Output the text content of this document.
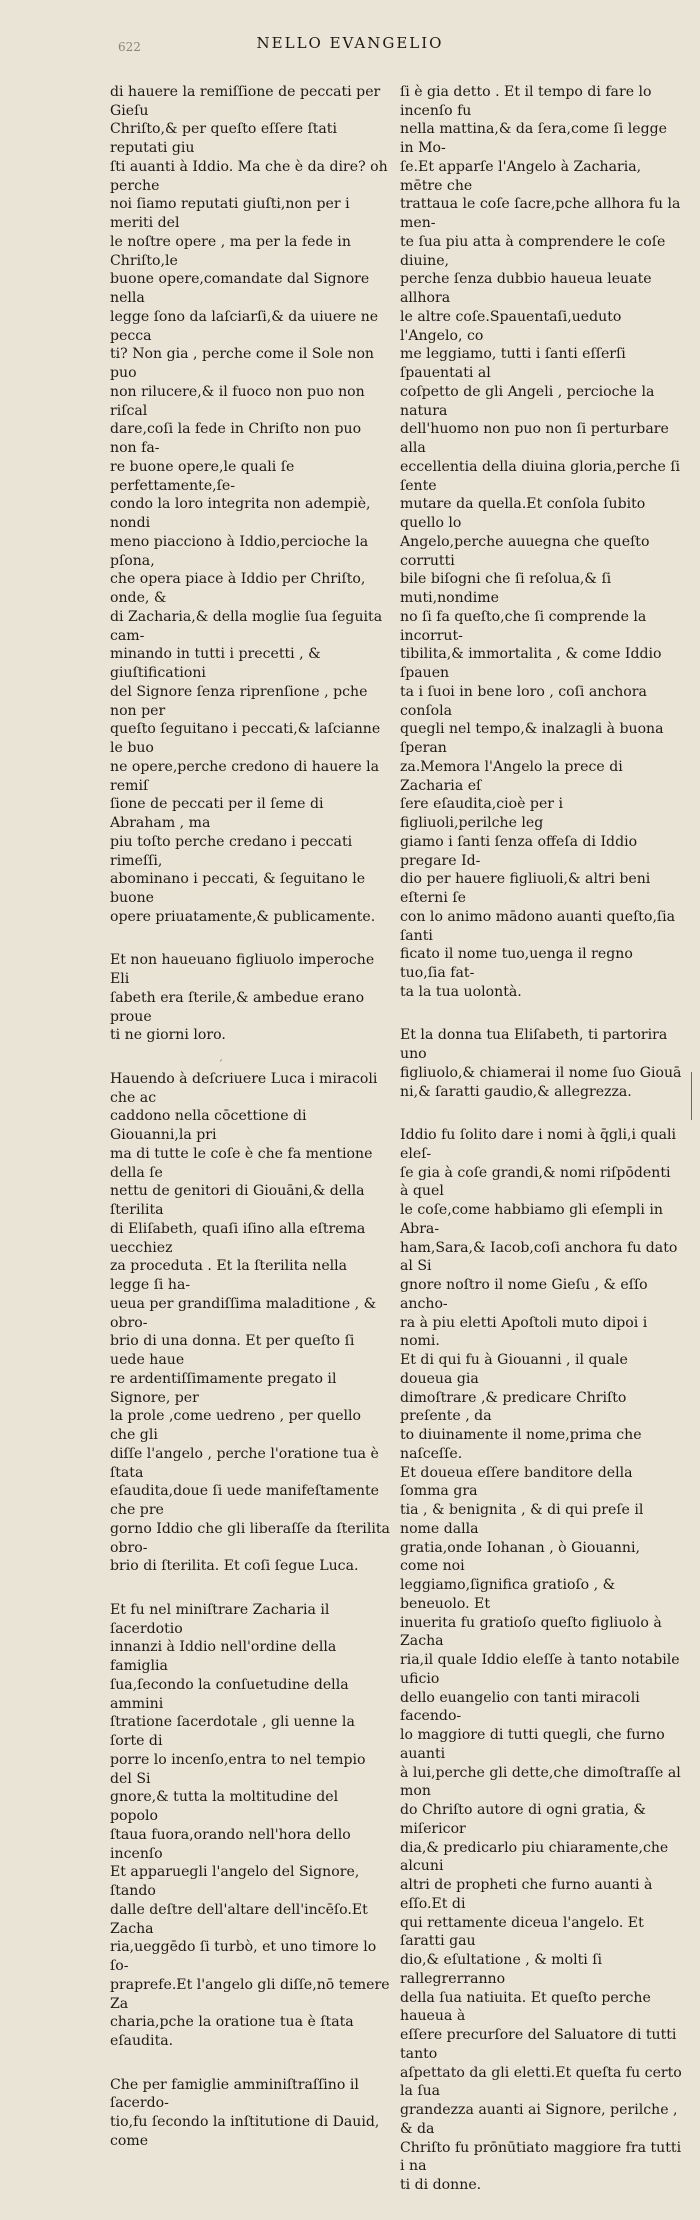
622	NELLO EVANGELIO

di hauere la remiſſione de peccati per Gieſu
Chriſto,& per queſto eſſere ſtati reputati giu
ſti auanti à Iddio. Ma che è da dire? oh perche
noi ſiamo reputati giuſti,non per i meriti del
le noſtre opere , ma per la fede in Chriſto,le
buone opere,comandate dal Signore nella
legge ſono da laſciarſi,& da uiuere ne pecca
ti? Non gia , perche come il Sole non puo
non rilucere,& il fuoco non puo non riſcal
dare,coſi la fede in Chriſto non puo non fa‑
re buone opere,le quali ſe perfettamente,ſe‑
condo la loro integrita non adempiè, nondi
meno piacciono à Iddio,percioche la pſona,
che opera piace à Iddio per Chriſto, onde, &
di Zacharia,& della moglie ſua ſeguita cam‑
minando in tutti i precetti , & giuſtificationi
del Signore ſenza riprenſione , pche non per
queſto ſeguitano i peccati,& laſcianne le buo
ne opere,perche credono di hauere la remiſ
ſione de peccati per il ſeme di Abraham , ma
piu toſto perche credano i peccati rimeſſi,
abominano i peccati, & ſeguitano le buone
opere priuatamente,& publicamente.

Et non haueuano figliuolo imperoche Eli
ſabeth era ſterile,& ambedue erano proue
ti ne giorni loro.

Hauendo à deſcriuere Luca i miracoli che ac
caddono nella cōcettione di Giouanni,la pri
ma di tutte le coſe è che fa mentione della ſe
nettu de genitori di Giouāni,& della ſterilita
di Eliſabeth, quaſi iſino alla eſtrema uecchiez
za proceduta . Et la ſterilita nella legge ſi ha‑
ueua per grandiſſima maladitione , & obro‑
brio di una donna. Et per queſto ſi uede haue
re ardentiſſimamente pregato il Signore, per
la prole ,come uedreno , per quello che gli
diſſe l'angelo , perche l'oratione tua è ſtata
eſaudita,doue ſi uede manifeſtamente che pre
gorno Iddio che gli liberaſſe da ſterilita obro‑
brio di ſterilita. Et coſi ſegue Luca.

Et fu nel miniſtrare Zacharia il ſacerdotio
innanzi à Iddio nell'ordine della famiglia
ſua,ſecondo la conſuetudine della ammini
ſtratione ſacerdotale , gli uenne la ſorte di
porre lo incenſo,entra to nel tempio del Si
gnore,& tutta la moltitudine del popolo
ſtaua fuora,orando nell'hora dello incenſo
Et apparuegli l'angelo del Signore, ſtando
dalle deſtre dell'altare dell'incēſo.Et Zacha
ria,ueggēdo ſi turbò, et uno timore lo ſo‑
praprefe.Et l'angelo gli diſſe,nō temere Za
charia,pche la oratione tua è ſtata eſaudita.

Che per famiglie amminiſtraſſino il ſacerdo‑
tio,fu ſecondo la inſtitutione di Dauid, come

ſi è gia detto . Et il tempo di fare lo incenſo fu
nella mattina,& da ſera,come ſi legge in Mo‑
ſe.Et apparſe l'Angelo à Zacharia, mētre che
trattaua le coſe ſacre,pche allhora fu la men‑
te ſua piu atta à comprendere le coſe diuine,
perche ſenza dubbio haueua leuate allhora
le altre coſe.Spauentaſi,ueduto l'Angelo, co
me leggiamo, tutti i ſanti eſſerſi ſpauentati al
coſpetto de gli Angeli , percioche la natura
dell'huomo non puo non ſi perturbare alla
eccellentia della diuina gloria,perche ſi ſente
mutare da quella.Et conſola ſubito quello lo
Angelo,perche auuegna che queſto corrutti
bile biſogni che ſi reſolua,& ſi muti,nondime
no ſi fa queſto,che ſi comprende la incorrut‑
tibilita,& immortalita , & come Iddio ſpauen
ta i ſuoi in bene loro , coſi anchora conſola
quegli nel tempo,& inalzagli à buona ſperan
za.Memora l'Angelo la prece di Zacharia eſ
ſere eſaudita,cioè per i figliuoli,perilche leg
giamo i ſanti ſenza offeſa di Iddio pregare Id‑
dio per hauere figliuoli,& altri beni eſterni ſe
con lo animo mādono auanti queſto,ſia ſanti
ficato il nome tuo,uenga il regno tuo,ſia fat‑
ta la tua uolontà.

Et la donna tua Eliſabeth, ti partorira uno
figliuolo,& chiamerai il nome ſuo Giouā
ni,& ſaratti gaudio,& allegrezza.

Iddio fu ſolito dare i nomi à q̄gli,i quali eleſ‑
ſe gia à coſe grandi,& nomi riſpōdenti à quel
le coſe,come habbiamo gli eſempli in Abra‑
ham,Sara,& Iacob,coſi anchora fu dato al Si
gnore noſtro il nome Gieſu , & eſſo ancho‑
ra à piu eletti Apoſtoli muto dipoi i nomi.
Et di qui fu à Giouanni , il quale doueua gia
dimoſtrare ,& predicare Chriſto preſente , da
to diuinamente il nome,prima che naſceſſe.
Et doueua eſſere banditore della ſomma gra
tia , & benignita , & di qui preſe il nome dalla
gratia,onde Iohanan , ò Giouanni, come noi
leggiamo,ſignifica gratioſo , & beneuolo. Et
inuerita fu gratioſo queſto figliuolo à Zacha
ria,il quale Iddio eleſſe à tanto notabile uficio
dello euangelio con tanti miracoli facendo‑
lo maggiore di tutti quegli, che furno auanti
à lui,perche gli dette,che dimoſtraſſe al mon
do Chriſto autore di ogni gratia, & miſericor
dia,& predicarlo piu chiaramente,che alcuni
altri de propheti che furno auanti à eſſo.Et di
qui rettamente diceua l'angelo. Et ſaratti gau
dio,& eſultatione , & molti ſi rallegrerranno
della ſua natiuita. Et queſto perche haueua à
eſſere precurſore del Saluatore di tutti tanto
aſpettato da gli eletti.Et queſta fu certo la ſua
grandezza auanti ai Signore, perilche , & da
Chriſto fu prōnūtiato maggiore fra tutti i na
ti di donne.

ˊ
